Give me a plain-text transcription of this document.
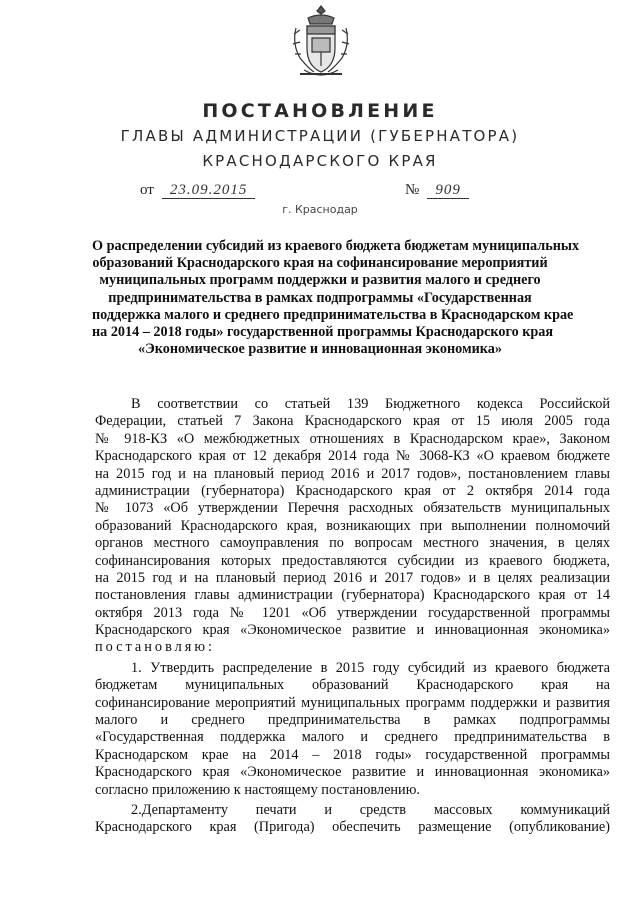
ПОСТАНОВЛЕНИЕ
ГЛАВЫ АДМИНИСТРАЦИИ (ГУБЕРНАТОРА)
КРАСНОДАРСКОГО КРАЯ
от 23.09.2015	№ 909
г. Краснодар
О распределении субсидий из краевого бюджета бюджетам муниципальных
образований Краснодарского края на софинансирование мероприятий
муниципальных программ поддержки и развития малого и среднего
предпринимательства в рамках подпрограммы «Государственная
поддержка малого и среднего предпринимательства в Краснодарском крае
на 2014 – 2018 годы» государственной программы Краснодарского края
«Экономическое развитие и инновационная экономика»
В соответствии со статьей 139 Бюджетного кодекса Российской
Федерации, статьей 7 Закона Краснодарского края от 15 июля 2005 года
№ 918-КЗ «О межбюджетных отношениях в Краснодарском крае», Законом
Краснодарского края от 12 декабря 2014 года № 3068-КЗ «О краевом бюджете
на 2015 год и на плановый период 2016 и 2017 годов», постановлением главы
администрации (губернатора) Краснодарского края от 2 октября 2014 года
№ 1073 «Об утверждении Перечня расходных обязательств муниципальных
образований Краснодарского края, возникающих при выполнении полномочий
органов местного самоуправления по вопросам местного значения, в целях
софинансирования которых предоставляются субсидии из краевого бюджета,
на 2015 год и на плановый период 2016 и 2017 годов» и в целях реализации
постановления главы администрации (губернатора) Краснодарского края от 14
октября 2013 года № 1201 «Об утверждении государственной программы
Краснодарского края «Экономическое развитие и инновационная экономика»
постановляю:
1. Утвердить распределение в 2015 году субсидий из краевого бюджета
бюджетам муниципальных образований Краснодарского края на
софинансирование мероприятий муниципальных программ поддержки и развития
малого и среднего предпринимательства в рамках подпрограммы
«Государственная поддержка малого и среднего предпринимательства в
Краснодарском крае на 2014 – 2018 годы» государственной программы
Краснодарского края «Экономическое развитие и инновационная экономика»
согласно приложению к настоящему постановлению.
2.Департаменту печати и средств массовых коммуникаций
Краснодарского края (Пригода) обеспечить размещение (опубликование)
